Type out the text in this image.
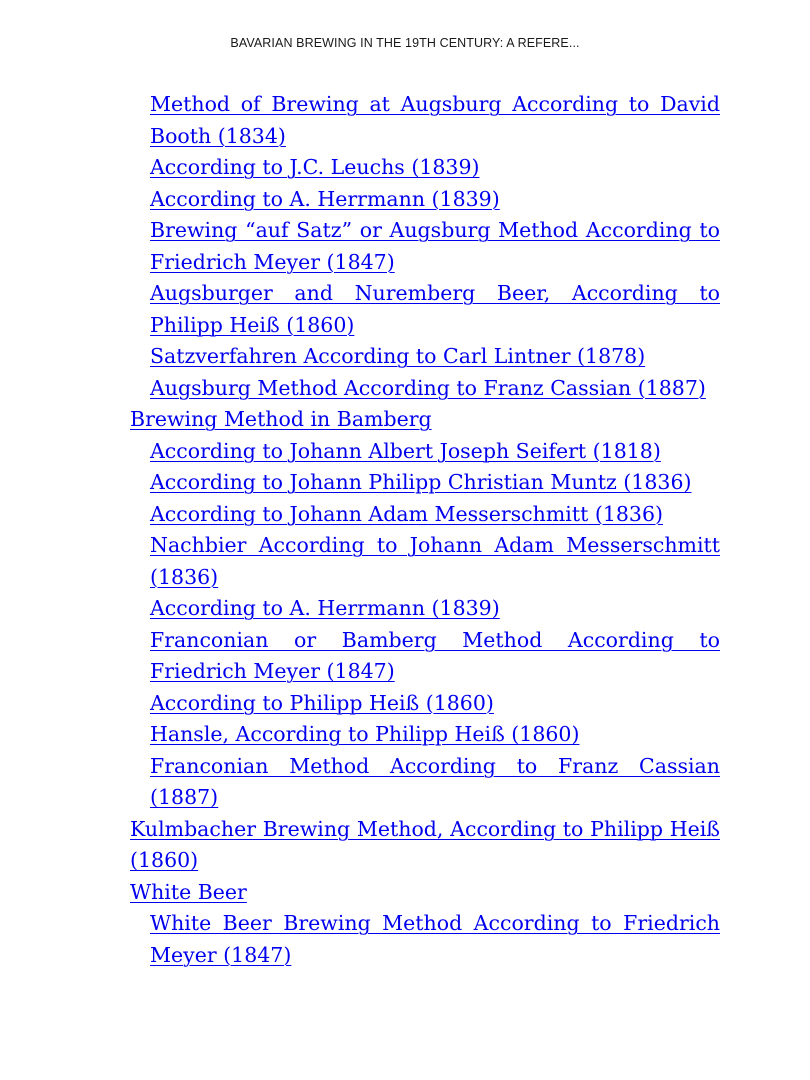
BAVARIAN BREWING IN THE 19TH CENTURY: A REFERE...

Method of Brewing at Augsburg According to David Booth (1834)

According to J.C. Leuchs (1839)

According to A. Herrmann (1839)

Brewing “auf Satz” or Augsburg Method According to Friedrich Meyer (1847)

Augsburger and Nuremberg Beer, According to Philipp Heiß (1860)

Satzverfahren According to Carl Lintner (1878)

Augsburg Method According to Franz Cassian (1887)

Brewing Method in Bamberg

According to Johann Albert Joseph Seifert (1818)

According to Johann Philipp Christian Muntz (1836)

According to Johann Adam Messerschmitt (1836)

Nachbier According to Johann Adam Messerschmitt (1836)

According to A. Herrmann (1839)

Franconian or Bamberg Method According to Friedrich Meyer (1847)

According to Philipp Heiß (1860)

Hansle, According to Philipp Heiß (1860)

Franconian Method According to Franz Cassian (1887)

Kulmbacher Brewing Method, According to Philipp Heiß (1860)

White Beer

White Beer Brewing Method According to Friedrich Meyer (1847)
